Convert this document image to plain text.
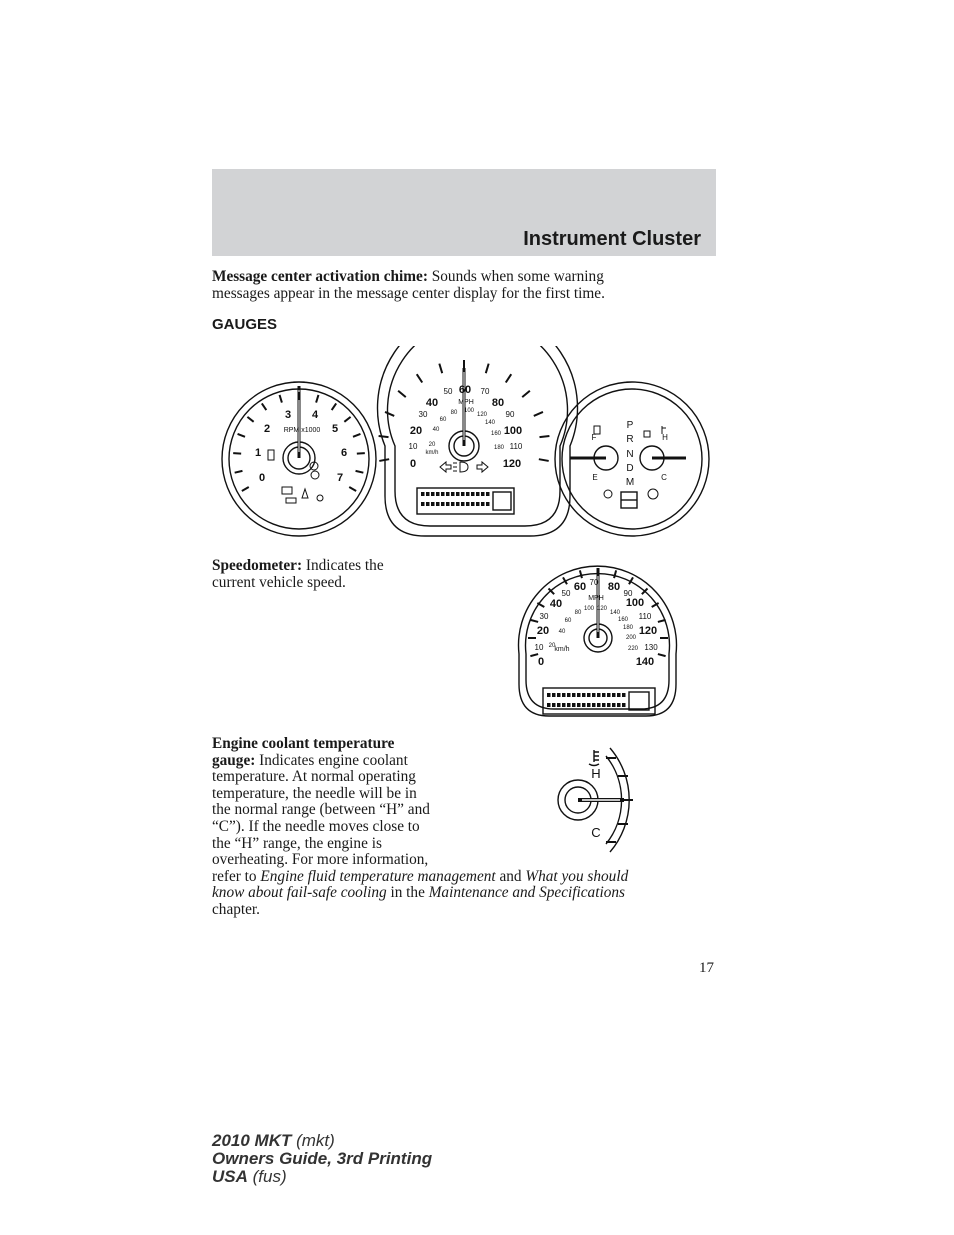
Instrument Cluster
Message center activation chime: Sounds when some warning
messages appear in the message center display for the first time.
GAUGES
0
1
2
3 4
5
6
7
RPM x1000
0
20
40
60
80
100
120
10
30
50	70
90
110
20
40
60
80 100
120
140
160
180
MPH
km/h
P
R
N
D
M
F
E
H
C
Speedometer: Indicates the
current vehicle speed.
0
20
40
60 80
100
120
140
10
30
50
70
90
110
130
20
40
60
80
100 120
140
160
180
200
220
MPH
km/h
Engine coolant temperature
gauge: Indicates engine coolant
temperature. At normal operating
temperature, the needle will be in
the normal range (between “H” and
“C”). If the needle moves close to
the “H” range, the engine is
overheating. For more information,
refer to Engine fluid temperature management and What you should
know about fail-safe cooling in the Maintenance and Specifications
chapter.
H
C
17
2010 MKT (mkt)
Owners Guide, 3rd Printing
USA (fus)
